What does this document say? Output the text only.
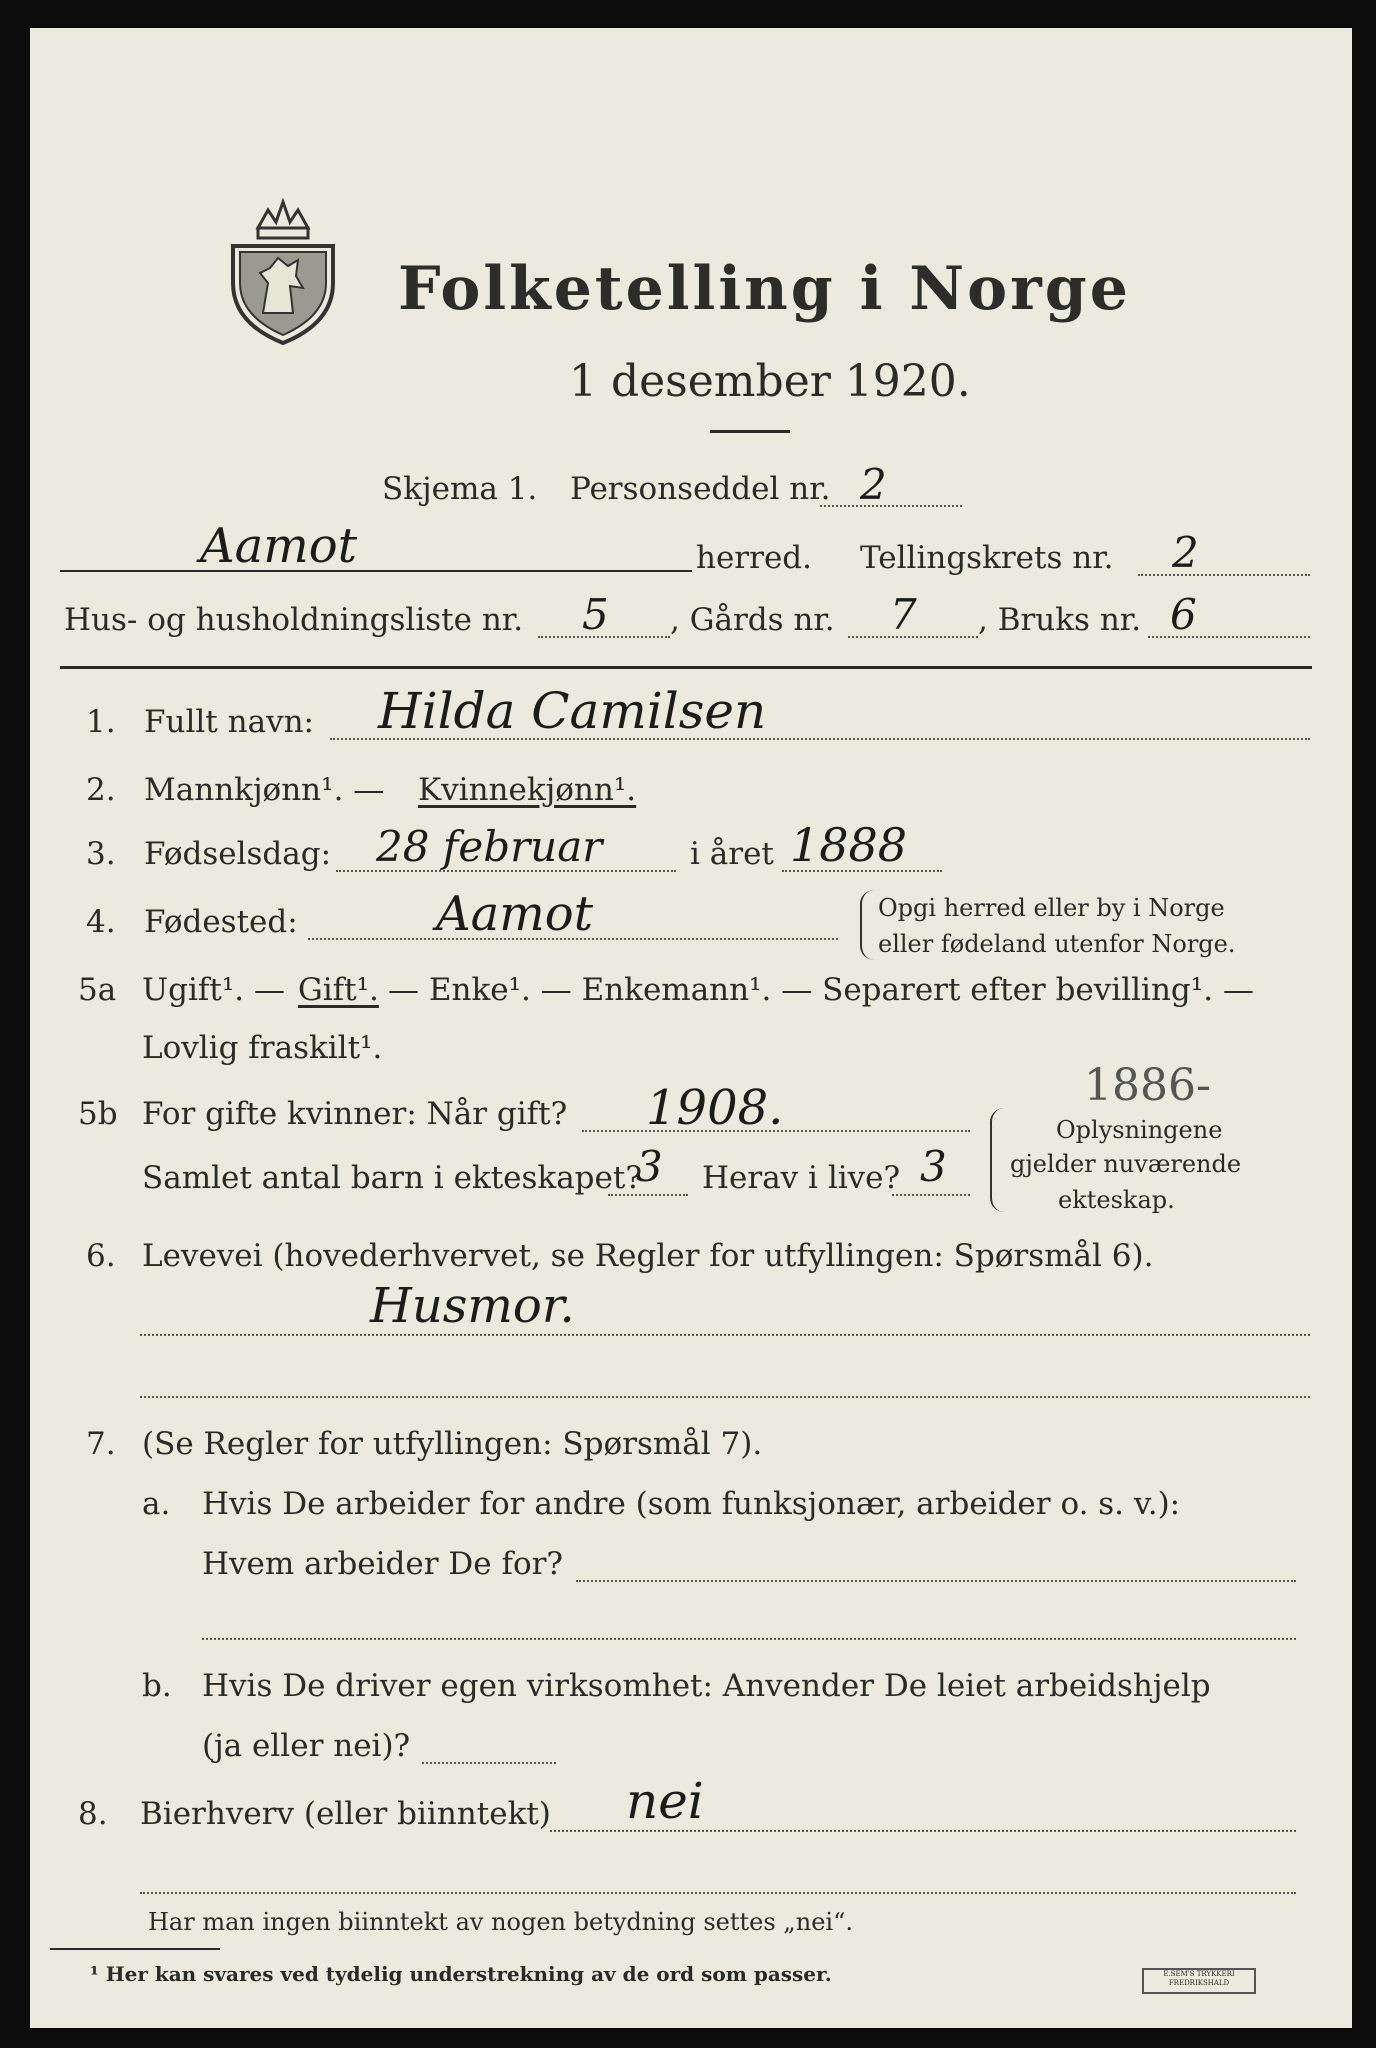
Folketelling i Norge
1 desember 1920.
Skjema 1. Personseddel nr. 2
Aamot	herred. Tellingskrets nr. 2
Hus- og husholdningsliste nr. 5 , Gårds nr. 7 , Bruks nr. 6
1. Fullt navn: Hilda Camilsen
2. Mannkjønn¹. — Kvinnekjønn¹.
3. Fødselsdag: 28 februar	i året 1888
4. Fødested:	Aamot	Opgi herred eller by i Norge
eller fødeland utenfor Norge.
5a Ugift¹. — Gift¹. — Enke¹. — Enkemann¹. — Separert efter bevilling¹. —
Lovlig fraskilt¹.
5b For gifte kvinner: Når gift? 1908.	1886-
Samlet antal barn i ekteskapet?
3 Herav i live? 3
Oplysningene
gjelder nuværende
ekteskap.
6. Levevei (hovederhvervet, se Regler for utfyllingen: Spørsmål 6).
Husmor.
7. (Se Regler for utfyllingen: Spørsmål 7).
a. Hvis De arbeider for andre (som funksjonær, arbeider o. s. v.):
Hvem arbeider De for?
b. Hvis De driver egen virksomhet: Anvender De leiet arbeidshjelp
(ja eller nei)?
8. Bierhverv (eller biinntekt) nei
Har man ingen biinntekt av nogen betydning settes „nei“.
¹ Her kan svares ved tydelig understrekning av de ord som passer.	E.SEM'S TRYKKERI FREDRIKSHALD
